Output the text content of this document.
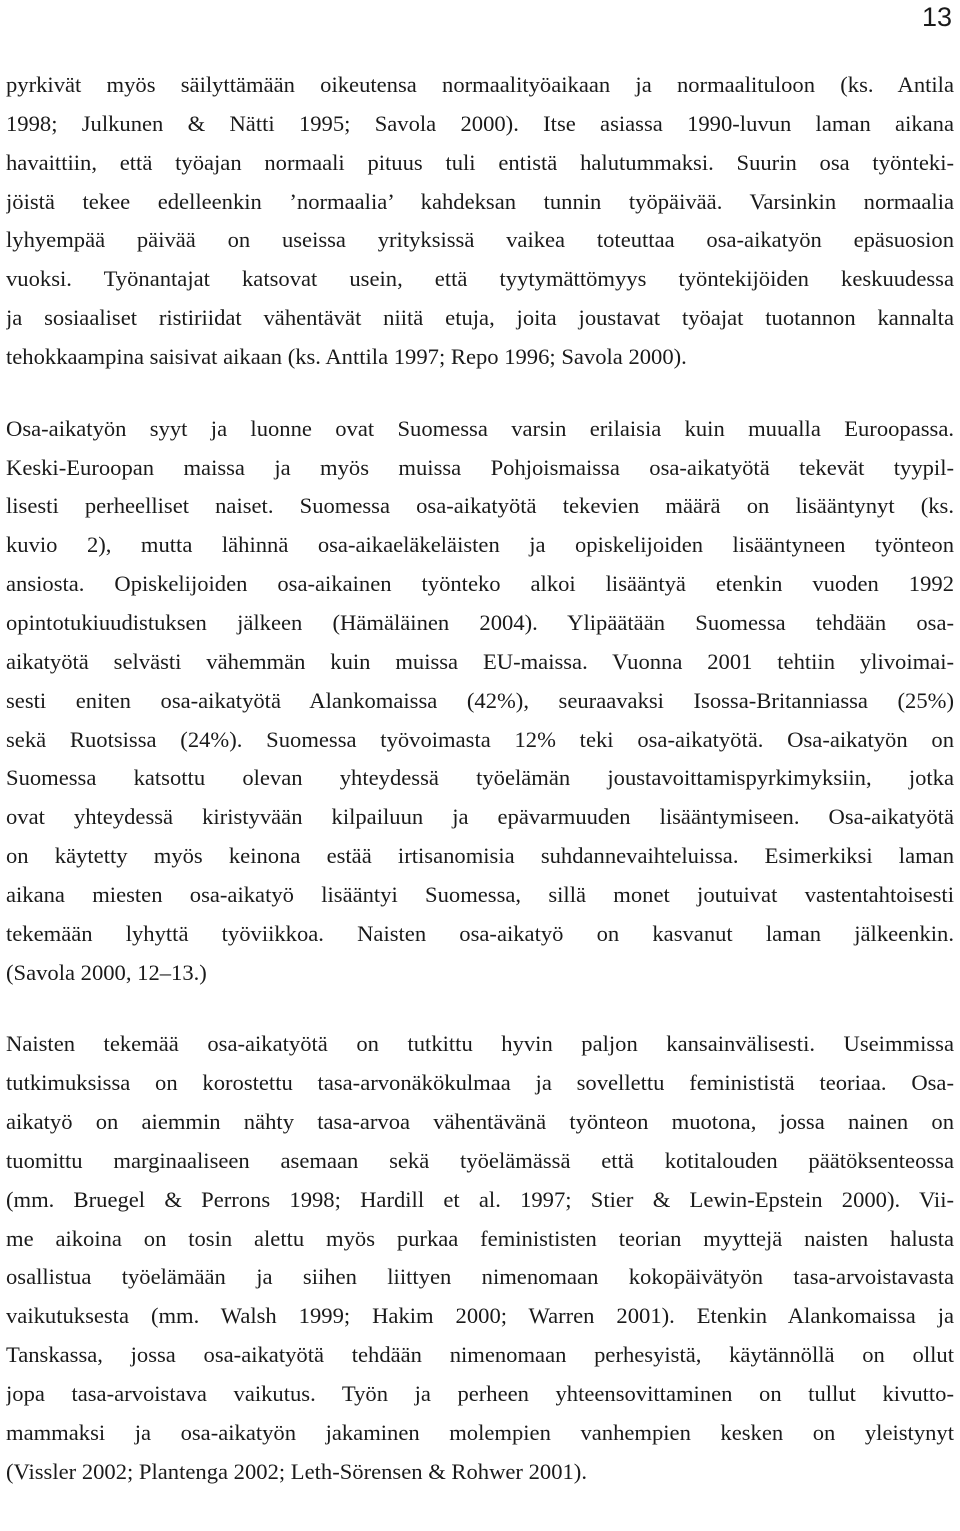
13

pyrkivät myös säilyttämään oikeutensa normaalityöaikaan ja normaalituloon (ks. Antila
1998; Julkunen & Nätti 1995; Savola 2000). Itse asiassa 1990-luvun laman aikana
havaittiin, että työajan normaali pituus tuli entistä halutummaksi. Suurin osa työnteki-
jöistä tekee edelleenkin ’normaalia’ kahdeksan tunnin työpäivää. Varsinkin normaalia
lyhyempää päivää on useissa yrityksissä vaikea toteuttaa osa-aikatyön epäsuosion
vuoksi. Työnantajat katsovat usein, että tyytymättömyys työntekijöiden keskuudessa
ja sosiaaliset ristiriidat vähentävät niitä etuja, joita joustavat työajat tuotannon kannalta
tehokkaampina saisivat aikaan (ks. Anttila 1997; Repo 1996; Savola 2000).

Osa-aikatyön syyt ja luonne ovat Suomessa varsin erilaisia kuin muualla Euroopassa.
Keski-Euroopan maissa ja myös muissa Pohjoismaissa osa-aikatyötä tekevät tyypil-
lisesti perheelliset naiset. Suomessa osa-aikatyötä tekevien määrä on lisääntynyt (ks.
kuvio 2), mutta lähinnä osa-aikaeläkeläisten ja opiskelijoiden lisääntyneen työnteon
ansiosta. Opiskelijoiden osa-aikainen työnteko alkoi lisääntyä etenkin vuoden 1992
opintotukiuudistuksen jälkeen (Hämäläinen 2004). Ylipäätään Suomessa tehdään osa-
aikatyötä selvästi vähemmän kuin muissa EU-maissa. Vuonna 2001 tehtiin ylivoimai-
sesti eniten osa-aikatyötä Alankomaissa (42%), seuraavaksi Isossa-Britanniassa (25%)
sekä Ruotsissa (24%). Suomessa työvoimasta 12% teki osa-aikatyötä. Osa-aikatyön on
Suomessa katsottu olevan yhteydessä työelämän joustavoittamispyrkimyksiin, jotka
ovat yhteydessä kiristyvään kilpailuun ja epävarmuuden lisääntymiseen. Osa-aikatyötä
on käytetty myös keinona estää irtisanomisia suhdannevaihteluissa. Esimerkiksi laman
aikana miesten osa-aikatyö lisääntyi Suomessa, sillä monet joutuivat vastentahtoisesti
tekemään lyhyttä työviikkoa. Naisten osa-aikatyö on kasvanut laman jälkeenkin.
(Savola 2000, 12–13.)

Naisten tekemää osa-aikatyötä on tutkittu hyvin paljon kansainvälisesti. Useimmissa
tutkimuksissa on korostettu tasa-arvonäkökulmaa ja sovellettu feminististä teoriaa. Osa-
aikatyö on aiemmin nähty tasa-arvoa vähentävänä työnteon muotona, jossa nainen on
tuomittu marginaaliseen asemaan sekä työelämässä että kotitalouden päätöksenteossa
(mm. Bruegel & Perrons 1998; Hardill et al. 1997; Stier & Lewin-Epstein 2000). Vii-
me aikoina on tosin alettu myös purkaa feminististen teorian myyttejä naisten halusta
osallistua työelämään ja siihen liittyen nimenomaan kokopäivätyön tasa-arvoistavasta
vaikutuksesta (mm. Walsh 1999; Hakim 2000; Warren 2001). Etenkin Alankomaissa ja
Tanskassa, jossa osa-aikatyötä tehdään nimenomaan perhesyistä, käytännöllä on ollut
jopa tasa-arvoistava vaikutus. Työn ja perheen yhteensovittaminen on tullut kivutto-
mammaksi ja osa-aikatyön jakaminen molempien vanhempien kesken on yleistynyt
(Vissler 2002; Plantenga 2002; Leth-Sörensen & Rohwer 2001).
